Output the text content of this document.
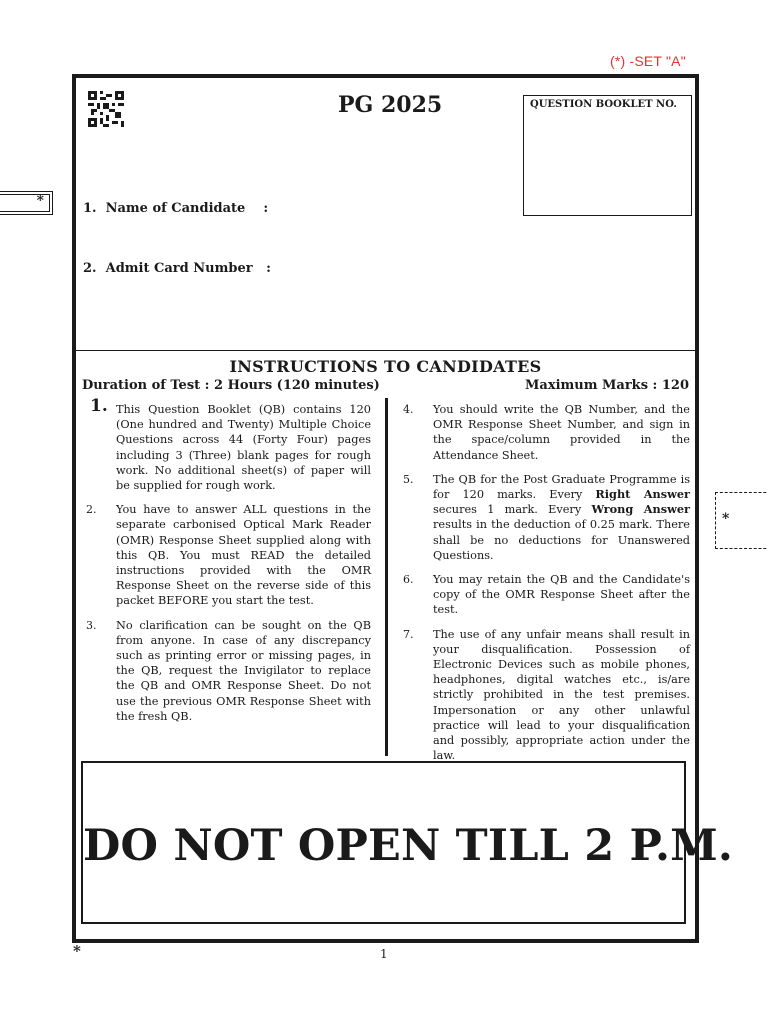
(*) -SET "A"
*
*
PG 2025	QUESTION BOOKLET NO.
1.  Name of Candidate    :
2.  Admit Card Number   :
INSTRUCTIONS TO CANDIDATES
Duration of Test : 2 Hours (120 minutes)	Maximum Marks : 120
1. This Question Booklet (QB) contains 120 (One hundred and Twenty) Multiple Choice Questions across 44 (Forty Four) pages including 3 (Three) blank pages for rough work. No additional sheet(s) of paper will be supplied for rough work.
2. You have to answer ALL questions in the separate carbonised Optical Mark Reader (OMR) Response Sheet supplied along with this QB. You must READ the detailed instructions provided with the OMR Response Sheet on the reverse side of this packet BEFORE you start the test.
3. No clarification can be sought on the QB from anyone. In case of any discrepancy such as printing error or missing pages, in the QB, request the Invigilator to replace the QB and OMR Response Sheet. Do not use the previous OMR Response Sheet with the fresh QB.
4. You should write the QB Number, and the OMR Response Sheet Number, and sign in the space/column provided in the Attendance Sheet.
5. The QB for the Post Graduate Programme is for 120 marks. Every Right Answer secures 1 mark. Every Wrong Answer results in the deduction of 0.25 mark. There shall be no deductions for Unanswered Questions.
6. You may retain the QB and the Candidate's copy of the OMR Response Sheet after the test.
7. The use of any unfair means shall result in your disqualification. Possession of Electronic Devices such as mobile phones, headphones, digital watches etc., is/are strictly prohibited in the test premises. Impersonation or any other unlawful practice will lead to your disqualification and possibly, appropriate action under the law.
DO NOT OPEN TILL 2 P.M.
*	1
